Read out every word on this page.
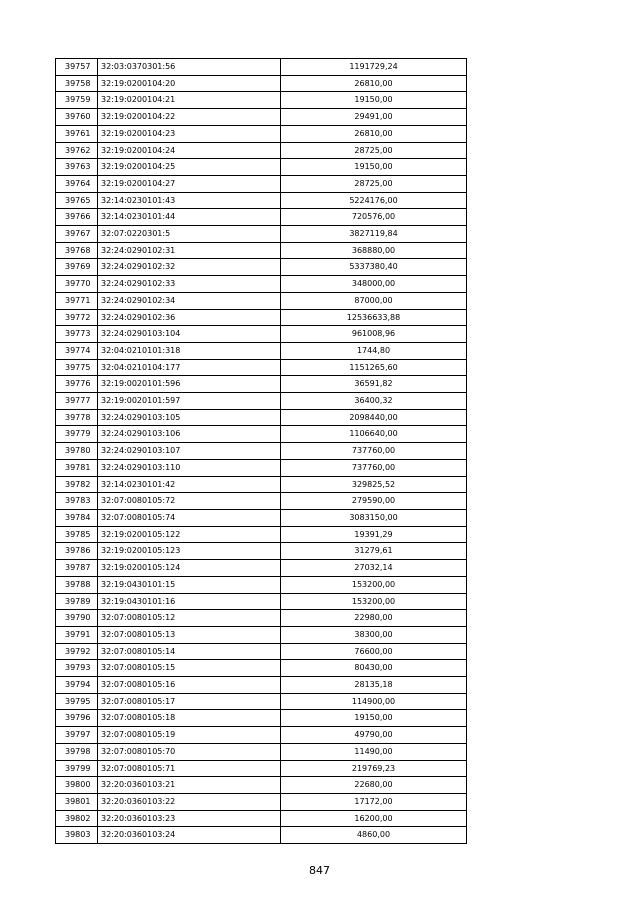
39757	32:03:0370301:56	1191729,24
39758	32:19:0200104:20	26810,00
39759	32:19:0200104:21	19150,00
39760	32:19:0200104:22	29491,00
39761	32:19:0200104:23	26810,00
39762	32:19:0200104:24	28725,00
39763	32:19:0200104:25	19150,00
39764	32:19:0200104:27	28725,00
39765	32:14:0230101:43	5224176,00
39766	32:14:0230101:44	720576,00
39767	32:07:0220301:5	3827119,84
39768	32:24:0290102:31	368880,00
39769	32:24:0290102:32	5337380,40
39770	32:24:0290102:33	348000,00
39771	32:24:0290102:34	87000,00
39772	32:24:0290102:36	12536633,88
39773	32:24:0290103:104	961008,96
39774	32:04:0210101:318	1744,80
39775	32:04:0210104:177	1151265,60
39776	32:19:0020101:596	36591,82
39777	32:19:0020101:597	36400,32
39778	32:24:0290103:105	2098440,00
39779	32:24:0290103:106	1106640,00
39780	32:24:0290103:107	737760,00
39781	32:24:0290103:110	737760,00
39782	32:14:0230101:42	329825,52
39783	32:07:0080105:72	279590,00
39784	32:07:0080105:74	3083150,00
39785	32:19:0200105:122	19391,29
39786	32:19:0200105:123	31279,61
39787	32:19:0200105:124	27032,14
39788	32:19:0430101:15	153200,00
39789	32:19:0430101:16	153200,00
39790	32:07:0080105:12	22980,00
39791	32:07:0080105:13	38300,00
39792	32:07:0080105:14	76600,00
39793	32:07:0080105:15	80430,00
39794	32:07:0080105:16	28135,18
39795	32:07:0080105:17	114900,00
39796	32:07:0080105:18	19150,00
39797	32:07:0080105:19	49790,00
39798	32:07:0080105:70	11490,00
39799	32:07:0080105:71	219769,23
39800	32:20:0360103:21	22680,00
39801	32:20:0360103:22	17172,00
39802	32:20:0360103:23	16200,00
39803	32:20:0360103:24	4860,00
847
